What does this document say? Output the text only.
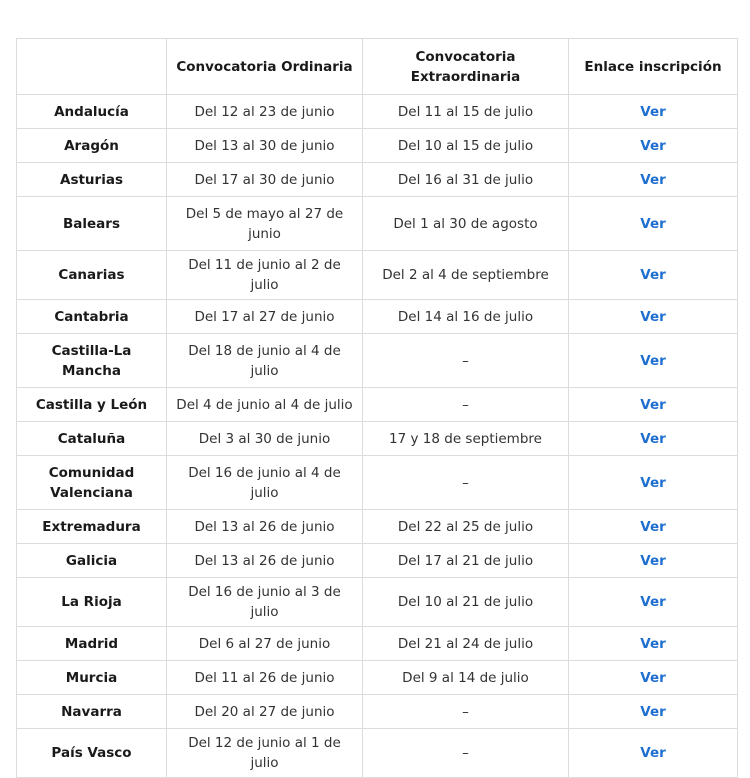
	Convocatoria Ordinaria	Convocatoria Extraordinaria	Enlace inscripción
Andalucía	Del 12 al 23 de junio	Del 11 al 15 de julio	Ver
Aragón	Del 13 al 30 de junio	Del 10 al 15 de julio	Ver
Asturias	Del 17 al 30 de junio	Del 16 al 31 de julio	Ver
Balears	Del 5 de mayo al 27 de junio	Del 1 al 30 de agosto	Ver
Canarias	Del 11 de junio al 2 de julio	Del 2 al 4 de septiembre	Ver
Cantabria	Del 17 al 27 de junio	Del 14 al 16 de julio	Ver
Castilla-La Mancha	Del 18 de junio al 4 de julio	–	Ver
Castilla y León	Del 4 de junio al 4 de julio	–	Ver
Cataluña	Del 3 al 30 de junio	17 y 18 de septiembre	Ver
Comunidad Valenciana	Del 16 de junio al 4 de julio	–	Ver
Extremadura	Del 13 al 26 de junio	Del 22 al 25 de julio	Ver
Galicia	Del 13 al 26 de junio	Del 17 al 21 de julio	Ver
La Rioja	Del 16 de junio al 3 de julio	Del 10 al 21 de julio	Ver
Madrid	Del 6 al 27 de junio	Del 21 al 24 de julio	Ver
Murcia	Del 11 al 26 de junio	Del 9 al 14 de julio	Ver
Navarra	Del 20 al 27 de junio	–	Ver
País Vasco	Del 12 de junio al 1 de julio	–	Ver
